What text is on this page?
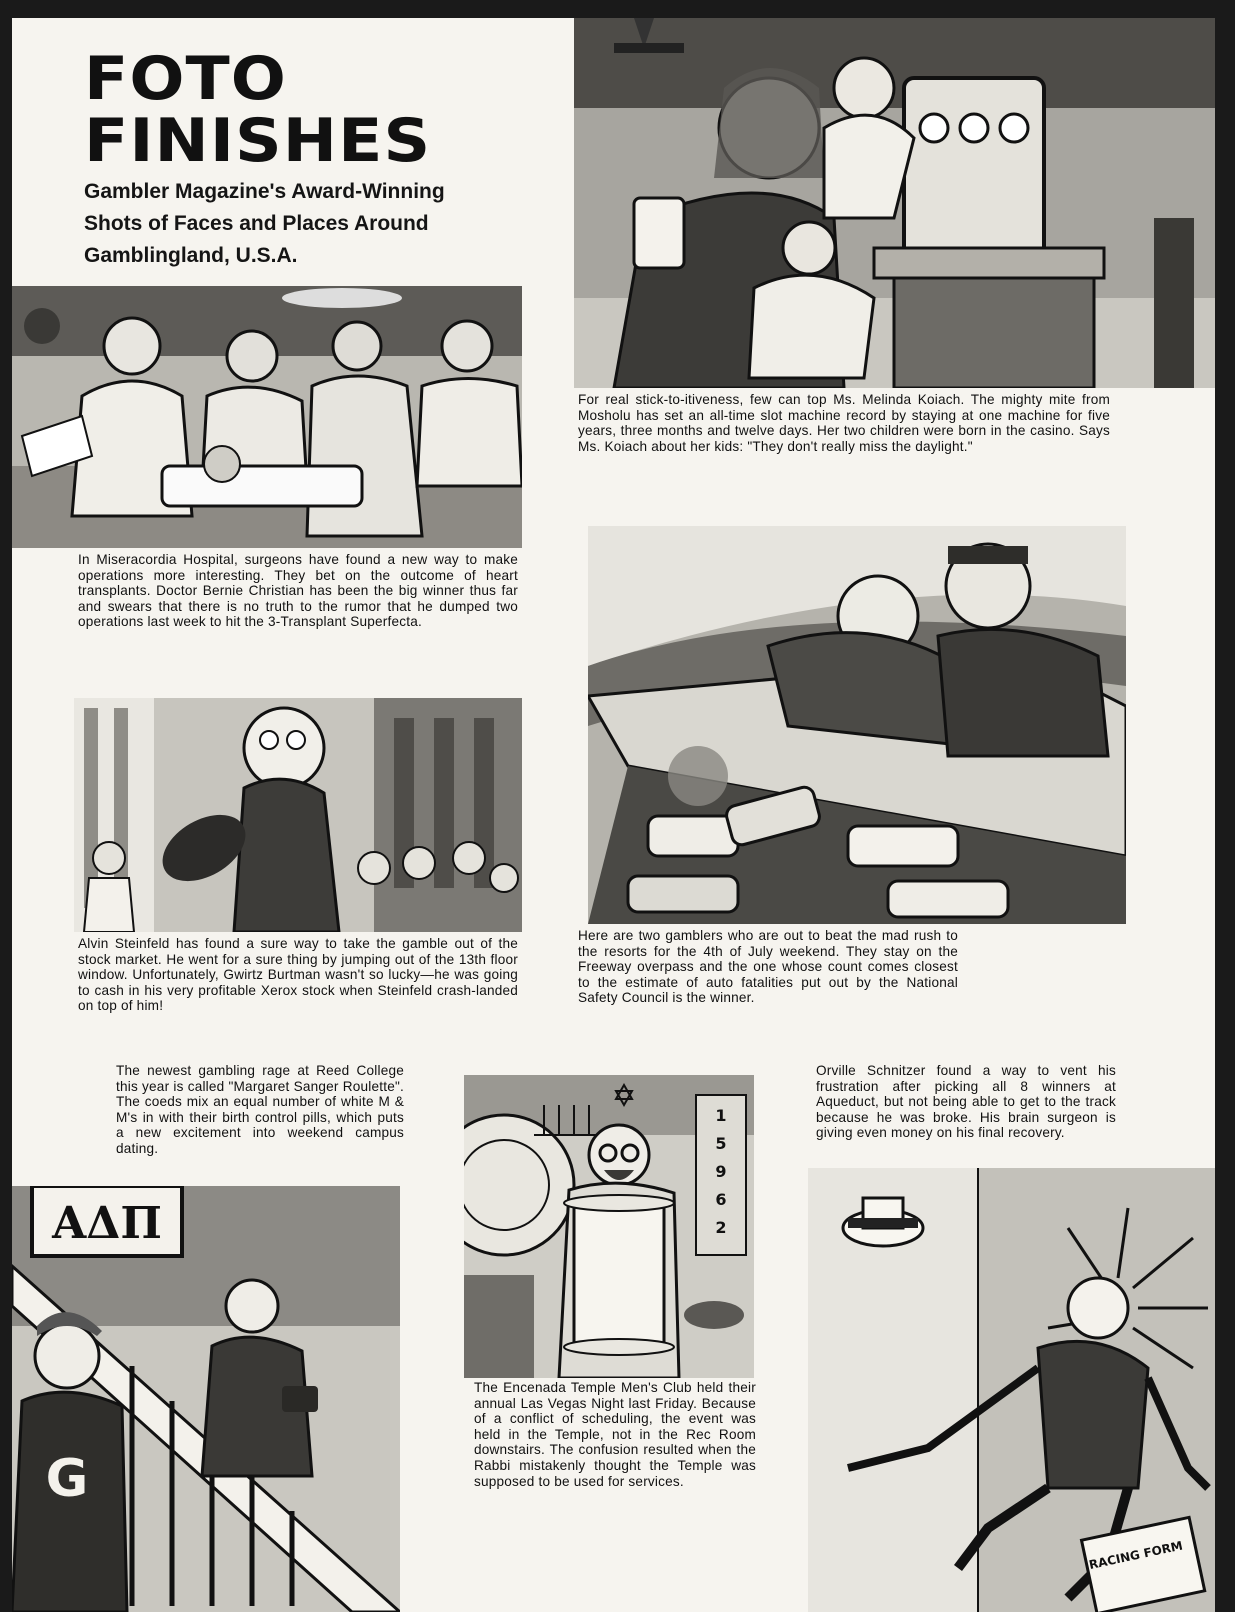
FOTO
FINISHES

Gambler Magazine's Award-Winning Shots of Faces and Places Around Gamblingland, U.S.A.

In Miseracordia Hospital, surgeons have found a new way to make operations more interesting. They bet on the outcome of heart transplants. Doctor Bernie Christian has been the big winner thus far and swears that there is no truth to the rumor that he dumped two operations last week to hit the 3-Transplant Superfecta.

For real stick-to-itiveness, few can top Ms. Melinda Koiach. The mighty mite from Mosholu has set an all-time slot machine record by staying at one machine for five years, three months and twelve days. Her two children were born in the casino. Says Ms. Koiach about her kids: "They don't really miss the daylight."

Alvin Steinfeld has found a sure way to take the gamble out of the stock market. He went for a sure thing by jumping out of the 13th floor window. Unfortunately, Gwirtz Burtman wasn't so lucky—he was going to cash in his very profitable Xerox stock when Steinfeld crash-landed on top of him!

Here are two gamblers who are out to beat the mad rush to the resorts for the 4th of July weekend. They stay on the Freeway overpass and the one whose count comes closest to the estimate of auto fatalities put out by the National Safety Council is the winner.

The newest gambling rage at Reed College this year is called "Margaret Sanger Roulette". The coeds mix an equal number of white M & M's in with their birth control pills, which puts a new excitement into weekend campus dating.

ΑΔΠ
G
1
5
9
6
2

The Encenada Temple Men's Club held their annual Las Vegas Night last Friday. Because of a conflict of scheduling, the event was held in the Temple, not in the Rec Room downstairs. The confusion resulted when the Rabbi mistakenly thought the Temple was supposed to be used for services.

Orville Schnitzer found a way to vent his frustration after picking all 8 winners at Aqueduct, but not being able to get to the track because he was broke. His brain surgeon is giving even money on his final recovery.

RACING FORM
